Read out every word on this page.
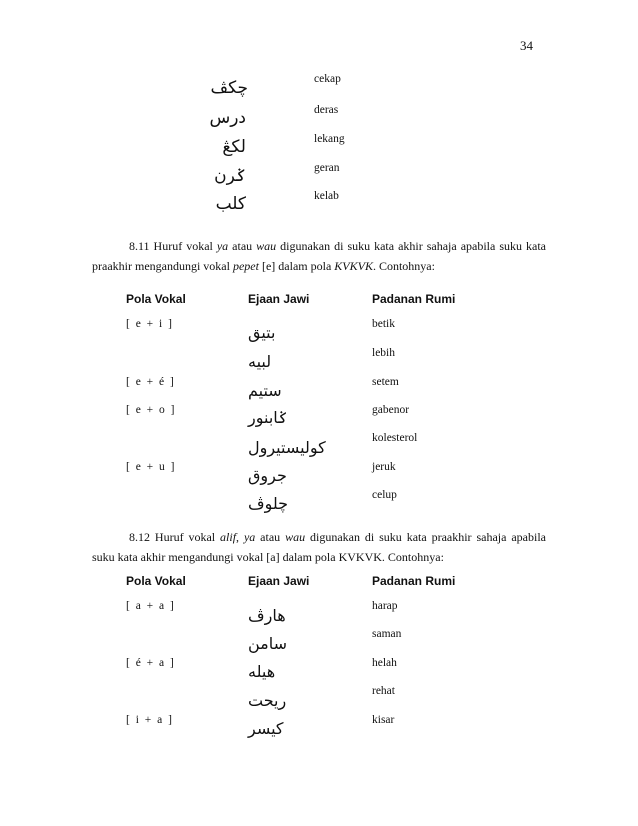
34
چكڤ	cekap
درس	deras
لكڠ	lekang
ݢرن	geran
كلب	kelab
8.11 Huruf vokal ya atau wau digunakan di suku kata akhir sahaja apabila suku kata praakhir mengandungi vokal pepet [e] dalam pola KVKVK. Contohnya:
Pola Vokal	Ejaan Jawi	Padanan Rumi
[ e + i ]	بتيق	betik
لبيه	lebih
[ e + é ]	ستيم	setem
[ e + o ]	ݢابنور	gabenor
كوليستيرول	kolesterol
[ e + u ]	جروق	jeruk
چلوڤ	celup
8.12 Huruf vokal alif, ya atau wau digunakan di suku kata praakhir sahaja apabila suku kata akhir mengandungi vokal [a] dalam pola KVKVK. Contohnya:
Pola Vokal	Ejaan Jawi	Padanan Rumi
[ a + a ]	هارڤ	harap
سامن	saman
[ é + a ]	هيله	helah
ريحت	rehat
[ i + a ]	كيسر	kisar
